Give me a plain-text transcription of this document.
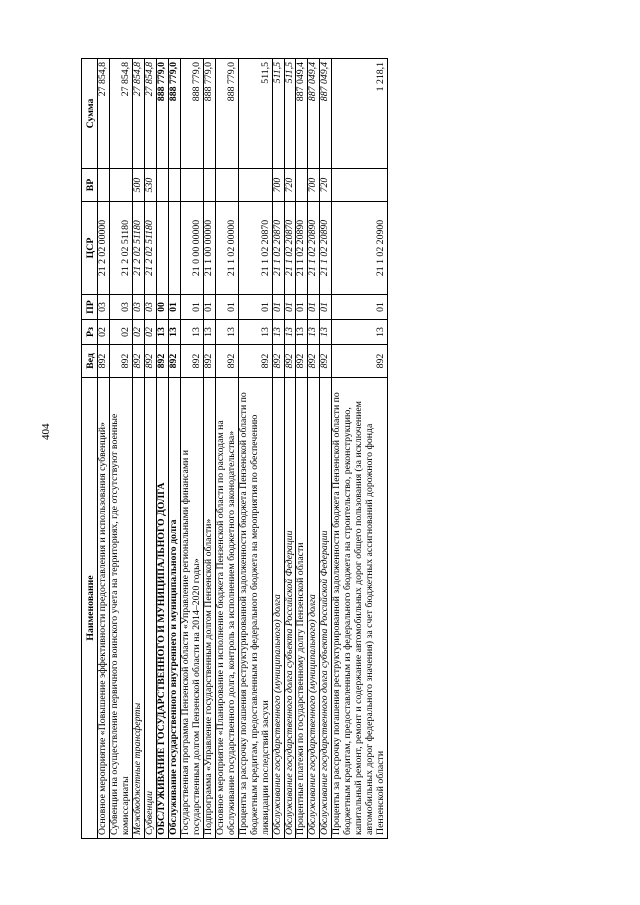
404
Наименование	Вед	Рз	ПР	ЦСР	ВР	Сумма
Основное мероприятие «Повышение эффективности предоставления и использования субвенций»	892	02	03	21 2 02 00000		27 854,8
Субвенции на осуществление первичного воинского учета на территориях, где отсутствуют военные комиссариаты	892	02	03	21 2 02 51180		27 854,8
Межбюджетные трансферты	892	02	03	21 2 02 51180	500	27 854,8
Субвенции	892	02	03	21 2 02 51180	530	27 854,8
ОБСЛУЖИВАНИЕ ГОСУДАРСТВЕННОГО И МУНИЦИПАЛЬНОГО ДОЛГА	892	13	00			888 779,0
Обслуживание государственного внутреннего и муниципального долга	892	13	01			888 779,0
Государственная программа Пензенской области «Управление региональными финансами и государственным долгом Пензенской области на 2014–2020 годы»	892	13	01	21 0 00 00000		888 779,0
Подпрограмма «Управление государственным долгом Пензенской области»	892	13	01	21 1 00 00000		888 779,0
Основное мероприятие «Планирование и исполнение бюджета Пензенской области по расходам на обслуживание государственного долга, контроль за исполнением бюджетного законодательства»	892	13	01	21 1 02 00000		888 779,0
Проценты за рассрочку погашения реструктурированной задолженности бюджета Пензенской области по бюджетным кредитам, предоставленным из федерального бюджета на мероприятия по обеспечению ликвидации последствий засухи	892	13	01	21 1 02 20870		511,5
Обслуживание государственного (муниципального) долга	892	13	01	21 1 02 20870	700	511,5
Обслуживание государственного долга субъекта Российской Федерации	892	13	01	21 1 02 20870	720	511,5
Процентные платежи по государственному долгу Пензенской области	892	13	01	21 1 02 20890		887 049,4
Обслуживание государственного (муниципального) долга	892	13	01	21 1 02 20890	700	887 049,4
Обслуживание государственного долга субъекта Российской Федерации	892	13	01	21 1 02 20890	720	887 049,4
Проценты за рассрочку погашения реструктурированной задолженности бюджета Пензенской области по бюджетным кредитам, предоставленным из федерального бюджета на строительство, реконструкцию, капитальный ремонт, ремонт и содержание автомобильных дорог общего пользования (за исключением автомобильных дорог федерального значения) за счет бюджетных ассигнований дорожного фонда Пензенской области	892	13	01	21 1 02 20900		1 218,1
